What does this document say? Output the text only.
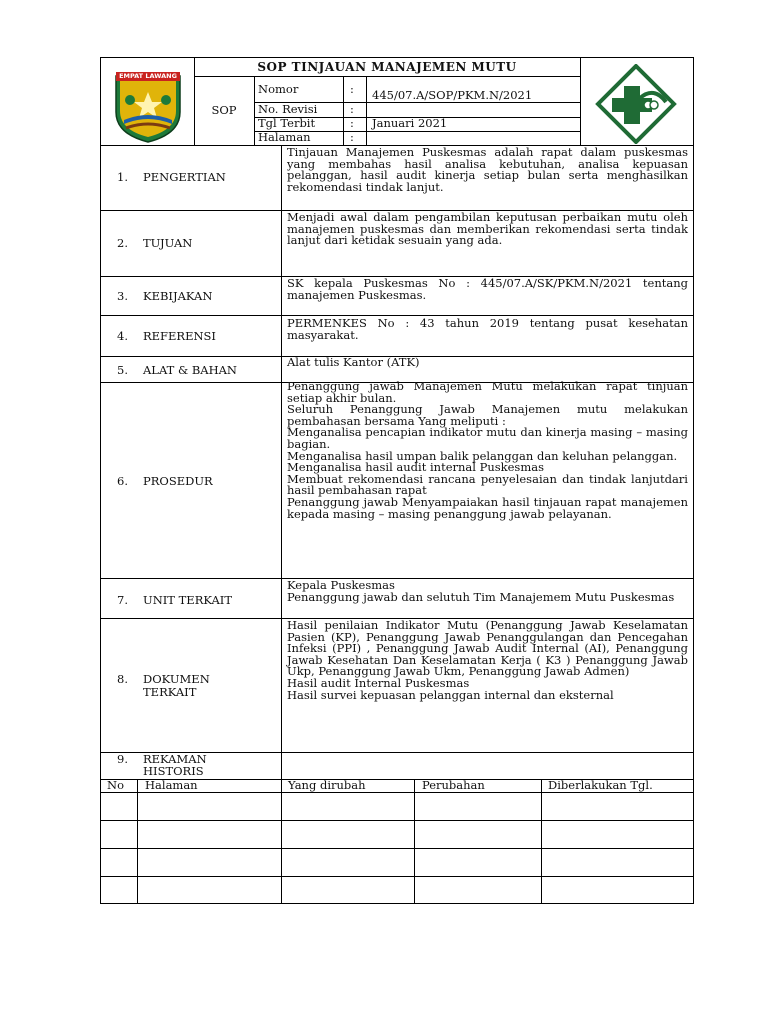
EMPAT LAWANG
SOP TINJAUAN MANAJEMEN MUTU
SOP
Nomor	: 445/07.A/SOP/PKM.N/2021
No. Revisi	:
Tgl Terbit	: Januari 2021
Halaman	:
1. PENGERTIAN
Tinjauan Manajemen Puskesmas adalah rapat dalam puskesmas yang membahas hasil analisa kebutuhan, analisa kepuasan pelanggan, hasil audit kinerja setiap bulan serta menghasilkan rekomendasi tindak lanjut.
2. TUJUAN
Menjadi awal dalam pengambilan keputusan perbaikan mutu oleh manajemen puskesmas dan memberikan rekomendasi serta tindak lanjut dari ketidak sesuain yang ada.
3. KEBIJAKAN
SK kepala Puskesmas No : 445/07.A/SK/PKM.N/2021 tentang manajemen Puskesmas.
4. REFERENSI
PERMENKES No : 43 tahun 2019 tentang pusat kesehatan masyarakat.
5. ALAT & BAHAN
Alat tulis Kantor (ATK)
6. PROSEDUR
Penanggung jawab Manajemen Mutu melakukan rapat tinjuan setiap akhir bulan.
Seluruh Penanggung Jawab Manajemen mutu melakukan pembahasan bersama Yang meliputi :
Menganalisa pencapian indikator mutu dan kinerja masing – masing bagian.
Menganalisa hasil umpan balik pelanggan dan keluhan pelanggan.
Menganalisa hasil audit internal Puskesmas
Membuat rekomendasi rancana penyelesaian dan tindak lanjutdari hasil pembahasan rapat
Penanggung jawab Menyampaiakan hasil tinjauan rapat manajemen kepada masing – masing penanggung jawab pelayanan.
7. UNIT TERKAIT
Kepala Puskesmas
Penanggung jawab dan selutuh Tim Manajemem Mutu Puskesmas
8. DOKUMEN
TERKAIT
Hasil penilaian Indikator Mutu (Penanggung Jawab Keselamatan Pasien (KP), Penanggung Jawab Penanggulangan dan Pencegahan Infeksi (PPI) , Penanggung Jawab Audit Internal (AI), Penanggung Jawab Kesehatan Dan Keselamatan Kerja ( K3 ) Penanggung Jawab Ukp, Penanggung Jawab Ukm, Penanggung Jawab Admen)
Hasil audit Internal Puskesmas
Hasil survei kepuasan pelanggan internal dan eksternal
9. REKAMAN
HISTORIS
No Halaman	Yang dirubah	Perubahan	Diberlakukan Tgl.
